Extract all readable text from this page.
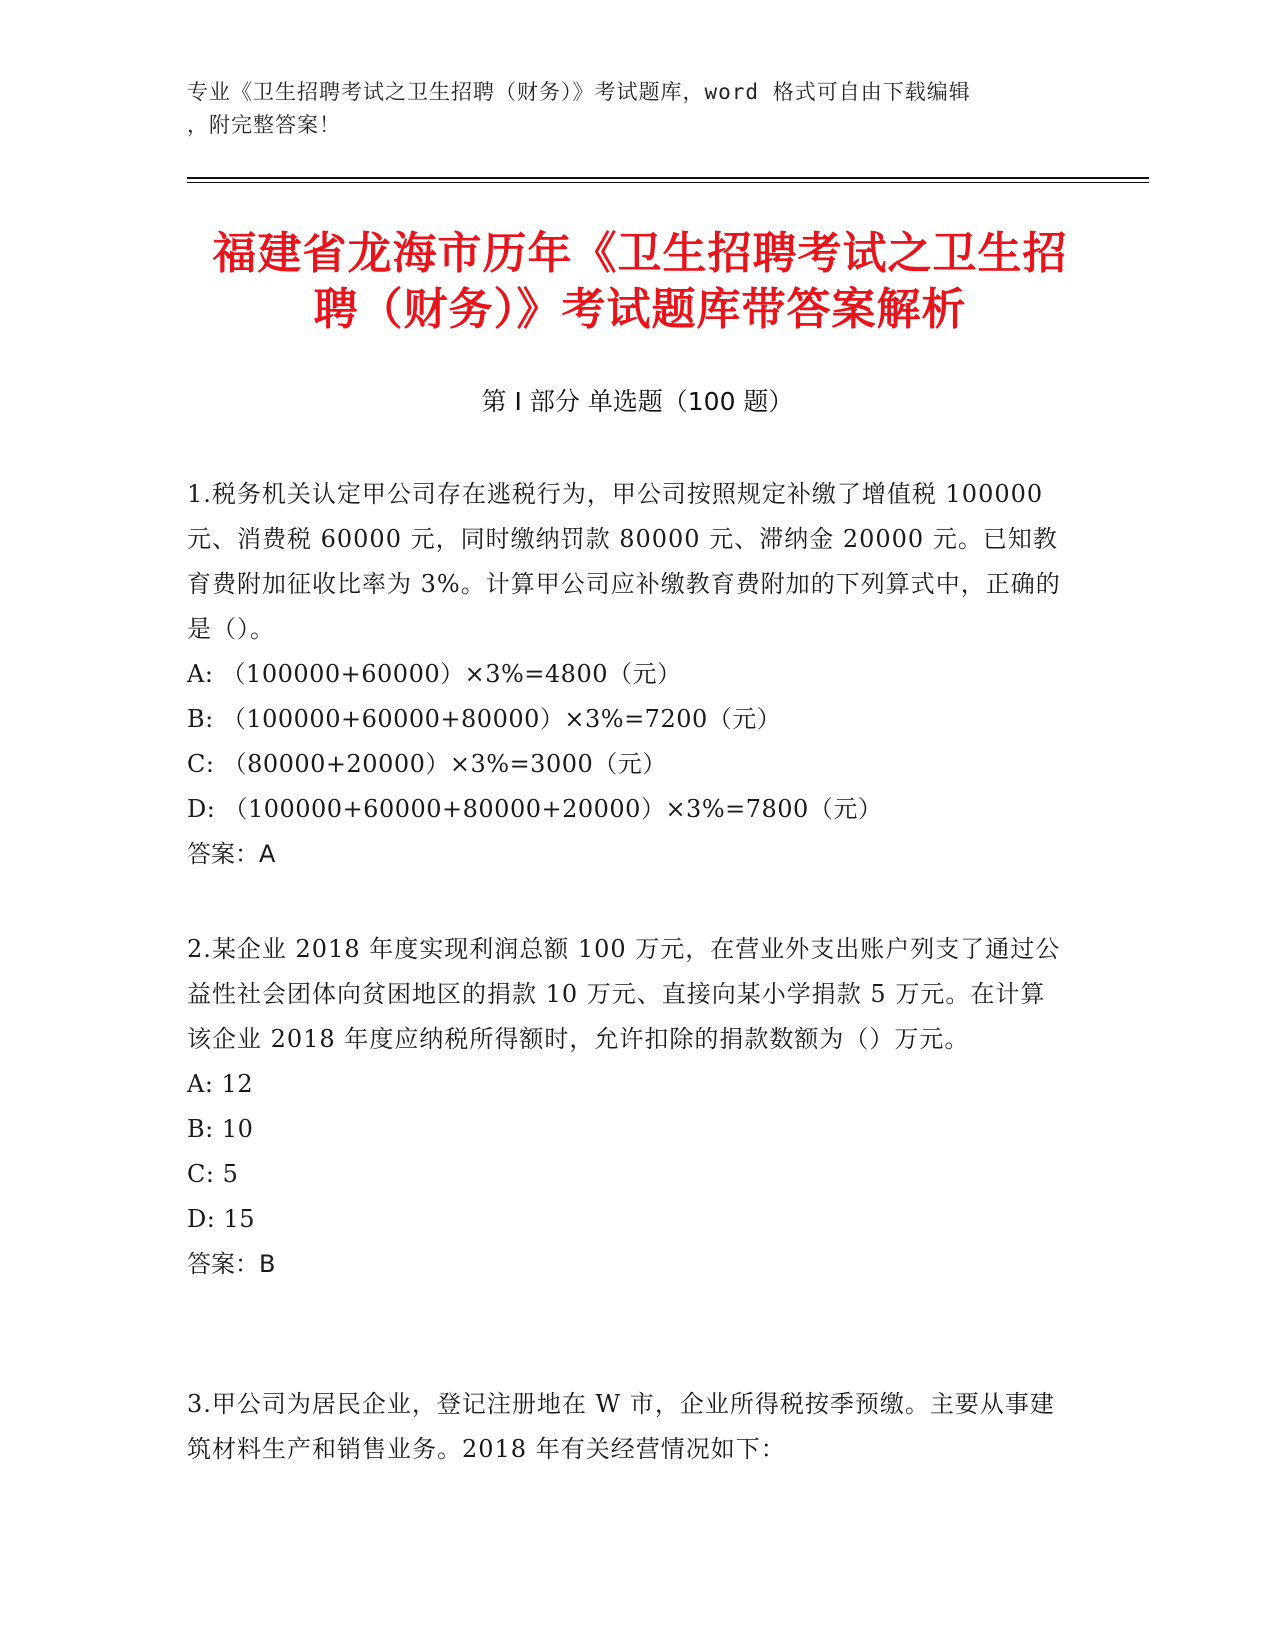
专业《卫生招聘考试之卫生招聘（财务）》考试题库，word 格式可自由下载编辑
，附完整答案！
福建省龙海市历年《卫生招聘考试之卫生招
聘（财务）》考试题库带答案解析
第 I 部分 单选题（100 题）
1.税务机关认定甲公司存在逃税行为，甲公司按照规定补缴了增值税 100000 元、消费税 60000 元，同时缴纳罚款 80000 元、滞纳金 20000 元。已知教育费附加征收比率为 3%。计算甲公司应补缴教育费附加的下列算式中，正确的是（）。
A: （100000+60000）×3%=4800（元）
B: （100000+60000+80000）×3%=7200（元）
C: （80000+20000）×3%=3000（元）
D: （100000+60000+80000+20000）×3%=7800（元）
答案：A
2.某企业 2018 年度实现利润总额 100 万元，在营业外支出账户列支了通过公益性社会团体向贫困地区的捐款 10 万元、直接向某小学捐款 5 万元。在计算该企业 2018 年度应纳税所得额时，允许扣除的捐款数额为（）万元。
A: 12
B: 10
C: 5
D: 15
答案：B
3.甲公司为居民企业，登记注册地在 W 市，企业所得税按季预缴。主要从事建筑材料生产和销售业务。2018 年有关经营情况如下：
